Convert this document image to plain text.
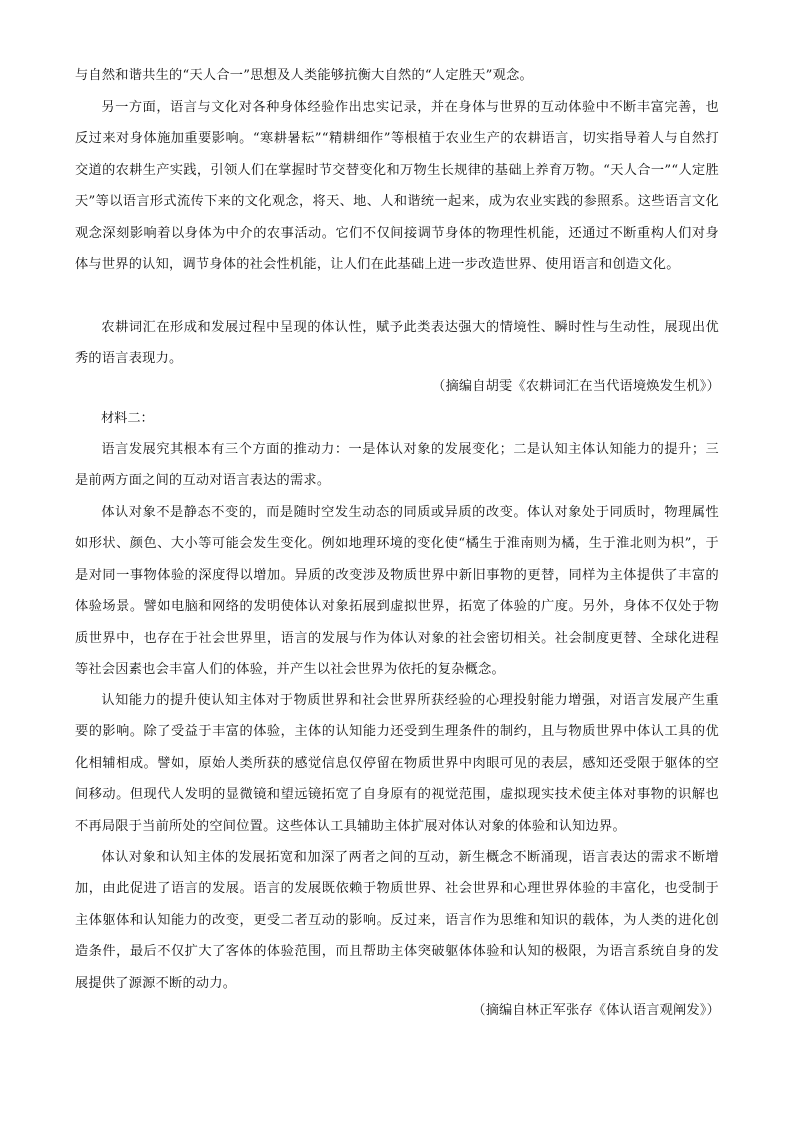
与自然和谐共生的“天人合一”思想及人类能够抗衡大自然的“人定胜天”观念。

另一方面，语言与文化对各种身体经验作出忠实记录，并在身体与世界的互动体验中不断丰富完善，也反过来对身体施加重要影响。“寒耕暑耘”“精耕细作”等根植于农业生产的农耕语言，切实指导着人与自然打交道的农耕生产实践，引领人们在掌握时节交替变化和万物生长规律的基础上养育万物。“天人合一”“人定胜天”等以语言形式流传下来的文化观念，将天、地、人和谐统一起来，成为农业实践的参照系。这些语言文化观念深刻影响着以身体为中介的农事活动。它们不仅间接调节身体的物理性机能，还通过不断重构人们对身体与世界的认知，调节身体的社会性机能，让人们在此基础上进一步改造世界、使用语言和创造文化。

农耕词汇在形成和发展过程中呈现的体认性，赋予此类表达强大的情境性、瞬时性与生动性，展现出优秀的语言表现力。

（摘编自胡雯《农耕词汇在当代语境焕发生机》）

材料二：

语言发展究其根本有三个方面的推动力：一是体认对象的发展变化；二是认知主体认知能力的提升；三是前两方面之间的互动对语言表达的需求。

体认对象不是静态不变的，而是随时空发生动态的同质或异质的改变。体认对象处于同质时，物理属性如形状、颜色、大小等可能会发生变化。例如地理环境的变化使“橘生于淮南则为橘，生于淮北则为枳”，于是对同一事物体验的深度得以增加。异质的改变涉及物质世界中新旧事物的更替，同样为主体提供了丰富的体验场景。譬如电脑和网络的发明使体认对象拓展到虚拟世界，拓宽了体验的广度。另外，身体不仅处于物质世界中，也存在于社会世界里，语言的发展与作为体认对象的社会密切相关。社会制度更替、全球化进程等社会因素也会丰富人们的体验，并产生以社会世界为依托的复杂概念。

认知能力的提升使认知主体对于物质世界和社会世界所获经验的心理投射能力增强，对语言发展产生重要的影响。除了受益于丰富的体验，主体的认知能力还受到生理条件的制约，且与物质世界中体认工具的优化相辅相成。譬如，原始人类所获的感觉信息仅停留在物质世界中肉眼可见的表层，感知还受限于躯体的空间移动。但现代人发明的显微镜和望远镜拓宽了自身原有的视觉范围，虚拟现实技术使主体对事物的识解也不再局限于当前所处的空间位置。这些体认工具辅助主体扩展对体认对象的体验和认知边界。

体认对象和认知主体的发展拓宽和加深了两者之间的互动，新生概念不断涌现，语言表达的需求不断增加，由此促进了语言的发展。语言的发展既依赖于物质世界、社会世界和心理世界体验的丰富化，也受制于主体躯体和认知能力的改变，更受二者互动的影响。反过来，语言作为思维和知识的载体，为人类的进化创造条件，最后不仅扩大了客体的体验范围，而且帮助主体突破躯体体验和认知的极限，为语言系统自身的发展提供了源源不断的动力。

（摘编自林正军张存《体认语言观阐发》）
